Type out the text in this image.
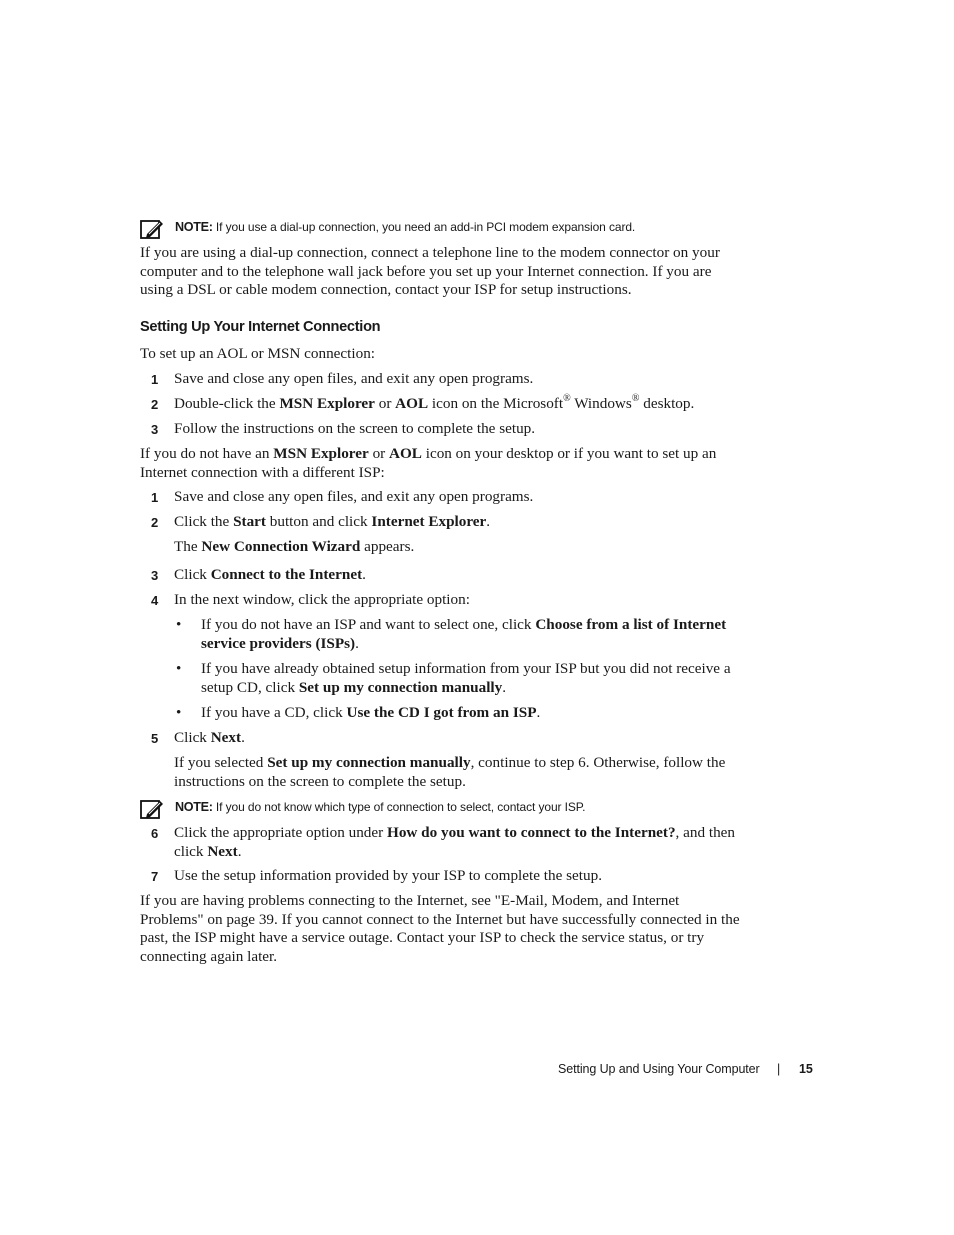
NOTE: If you use a dial-up connection, you need an add-in PCI modem expansion card.
If you are using a dial-up connection, connect a telephone line to the modem connector on your
computer and to the telephone wall jack before you set up your Internet connection. If you are
using a DSL or cable modem connection, contact your ISP for setup instructions.
Setting Up Your Internet Connection
To set up an AOL or MSN connection:
1 Save and close any open files, and exit any open programs.
2 Double-click the MSN Explorer or AOL icon on the Microsoft® Windows® desktop.
3 Follow the instructions on the screen to complete the setup.
If you do not have an MSN Explorer or AOL icon on your desktop or if you want to set up an
Internet connection with a different ISP:
1 Save and close any open files, and exit any open programs.
2 Click the Start button and click Internet Explorer.
The New Connection Wizard appears.
3 Click Connect to the Internet.
4 In the next window, click the appropriate option:
• If you do not have an ISP and want to select one, click Choose from a list of Internet
service providers (ISPs).
• If you have already obtained setup information from your ISP but you did not receive a
setup CD, click Set up my connection manually.
• If you have a CD, click Use the CD I got from an ISP.
5 Click Next.
If you selected Set up my connection manually, continue to step 6. Otherwise, follow the
instructions on the screen to complete the setup.
NOTE: If you do not know which type of connection to select, contact your ISP.
6 Click the appropriate option under How do you want to connect to the Internet?, and then
click Next.
7 Use the setup information provided by your ISP to complete the setup.
If you are having problems connecting to the Internet, see "E-Mail, Modem, and Internet
Problems" on page 39. If you cannot connect to the Internet but have successfully connected in the
past, the ISP might have a service outage. Contact your ISP to check the service status, or try
connecting again later.
Setting Up and Using Your Computer | 15
